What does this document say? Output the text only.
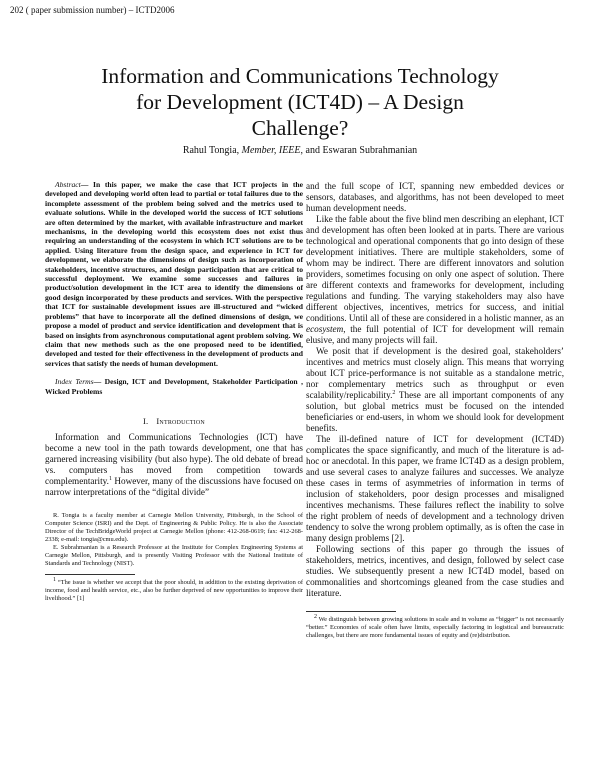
202 ( paper submission number) – ICTD2006
Information and Communications Technology
for Development (ICT4D) – A Design
Challenge?
Rahul Tongia, Member, IEEE, and Eswaran Subrahmanian

Abstract— In this paper, we make the case that ICT projects in the developed and developing world often lead to partial or total failures due to the incomplete assessment of the problem being solved and the metrics used to evaluate solutions. While in the developed world the success of ICT solutions are often determined by the market, with available infrastructure and market mechanisms, in the developing world this ecosystem does not exist thus requiring an understanding of the ecosystem in which ICT solutions are to be applied. Using literature from the design space, and experience in ICT for development, we elaborate the dimensions of design such as incorporation of stakeholders, incentive structures, and design participation that are critical to successful deployment. We examine some successes and failures in product/solution development in the ICT area to identify the dimensions of good design incorporated by these products and services. With the perspective that ICT for sustainable development issues are ill-structured and “wicked problems” that have to incorporate all the defined dimensions of design, we propose a model of product and service identification and development that is based on insights from asynchronous computational agent problem solving. We claim that new methods such as the one proposed need to be identified, developed and tested for their effectiveness in the development of products and services that satisfy the needs of human development.

Index Terms— Design, ICT and Development, Stakeholder Participation , Wicked Problems

I. Introduction

Information and Communications Technologies (ICT) have become a new tool in the path towards development, one that has garnered increasing visibility (but also hype). The old debate of bread vs. computers has moved from competition towards complementarity.$^1$ However, many of the discussions have focused on narrow interpretations of the “digital divide”

R. Tongia is a faculty member at Carnegie Mellon University, Pittsburgh, in the School of Computer Science (ISRI) and the Dept. of Engineering & Public Policy. He is also the Associate Director of the TechBridgeWorld project at Carnegie Mellon (phone: 412-268-0619; fax: 412-268-2338; e-mail: tongia@cmu.edu).

E. Subrahmanian is a Research Professor at the Institute for Complex Engineering Systems at Carnegie Mellon, Pittsburgh, and is presently Visiting Professor with the National Institute of Standards and Technology (NIST).

$^1$ “The issue is whether we accept that the poor should, in addition to the existing deprivation of income, food and health service, etc., also be further deprived of new opportunities to improve their livelihood.” [1]

and the full scope of ICT, spanning new embedded devices or sensors, databases, and algorithms, has not been developed to meet human development needs.

Like the fable about the five blind men describing an elephant, ICT and development has often been looked at in parts. There are various technological and operational components that go into design of these development initiatives. There are multiple stakeholders, some of whom may be indirect. There are different innovators and solution providers, sometimes focusing on only one aspect of solution. There are different contexts and frameworks for development, including regulations and funding. The varying stakeholders may also have different objectives, incentives, metrics for success, and initial conditions. Until all of these are considered in a holistic manner, as an ecosystem, the full potential of ICT for development will remain elusive, and many projects will fail.

We posit that if development is the desired goal, stakeholders’ incentives and metrics must closely align. This means that worrying about ICT price-performance is not suitable as a standalone metric, nor complementary metrics such as throughput or even scalability/replicability.$^2$ These are all important components of any solution, but global metrics must be focused on the intended beneficiaries or end-users, in whom we should look for development benefits.

The ill-defined nature of ICT for development (ICT4D) complicates the space significantly, and much of the literature is ad-hoc or anecdotal. In this paper, we frame ICT4D as a design problem, and use several cases to analyze failures and successes. We analyze these cases in terms of asymmetries of information in terms of inclusion of stakeholders, poor design processes and misaligned incentives mechanisms. These failures reflect the inability to solve the right problem of needs of development and a technology driven tendency to solve the wrong problem optimally, as is often the case in many design problems [2].

Following sections of this paper go through the issues of stakeholders, metrics, incentives, and design, followed by select case studies. We subsequently present a new ICT4D model, based on commonalities and shortcomings gleaned from the case studies and literature.

$^2$ We distinguish between growing solutions in scale and in volume as “bigger” is not necessarily “better.” Economies of scale often have limits, especially factoring in logistical and bureaucratic challenges, but there are more fundamental issues of equity and (re)distribution.
